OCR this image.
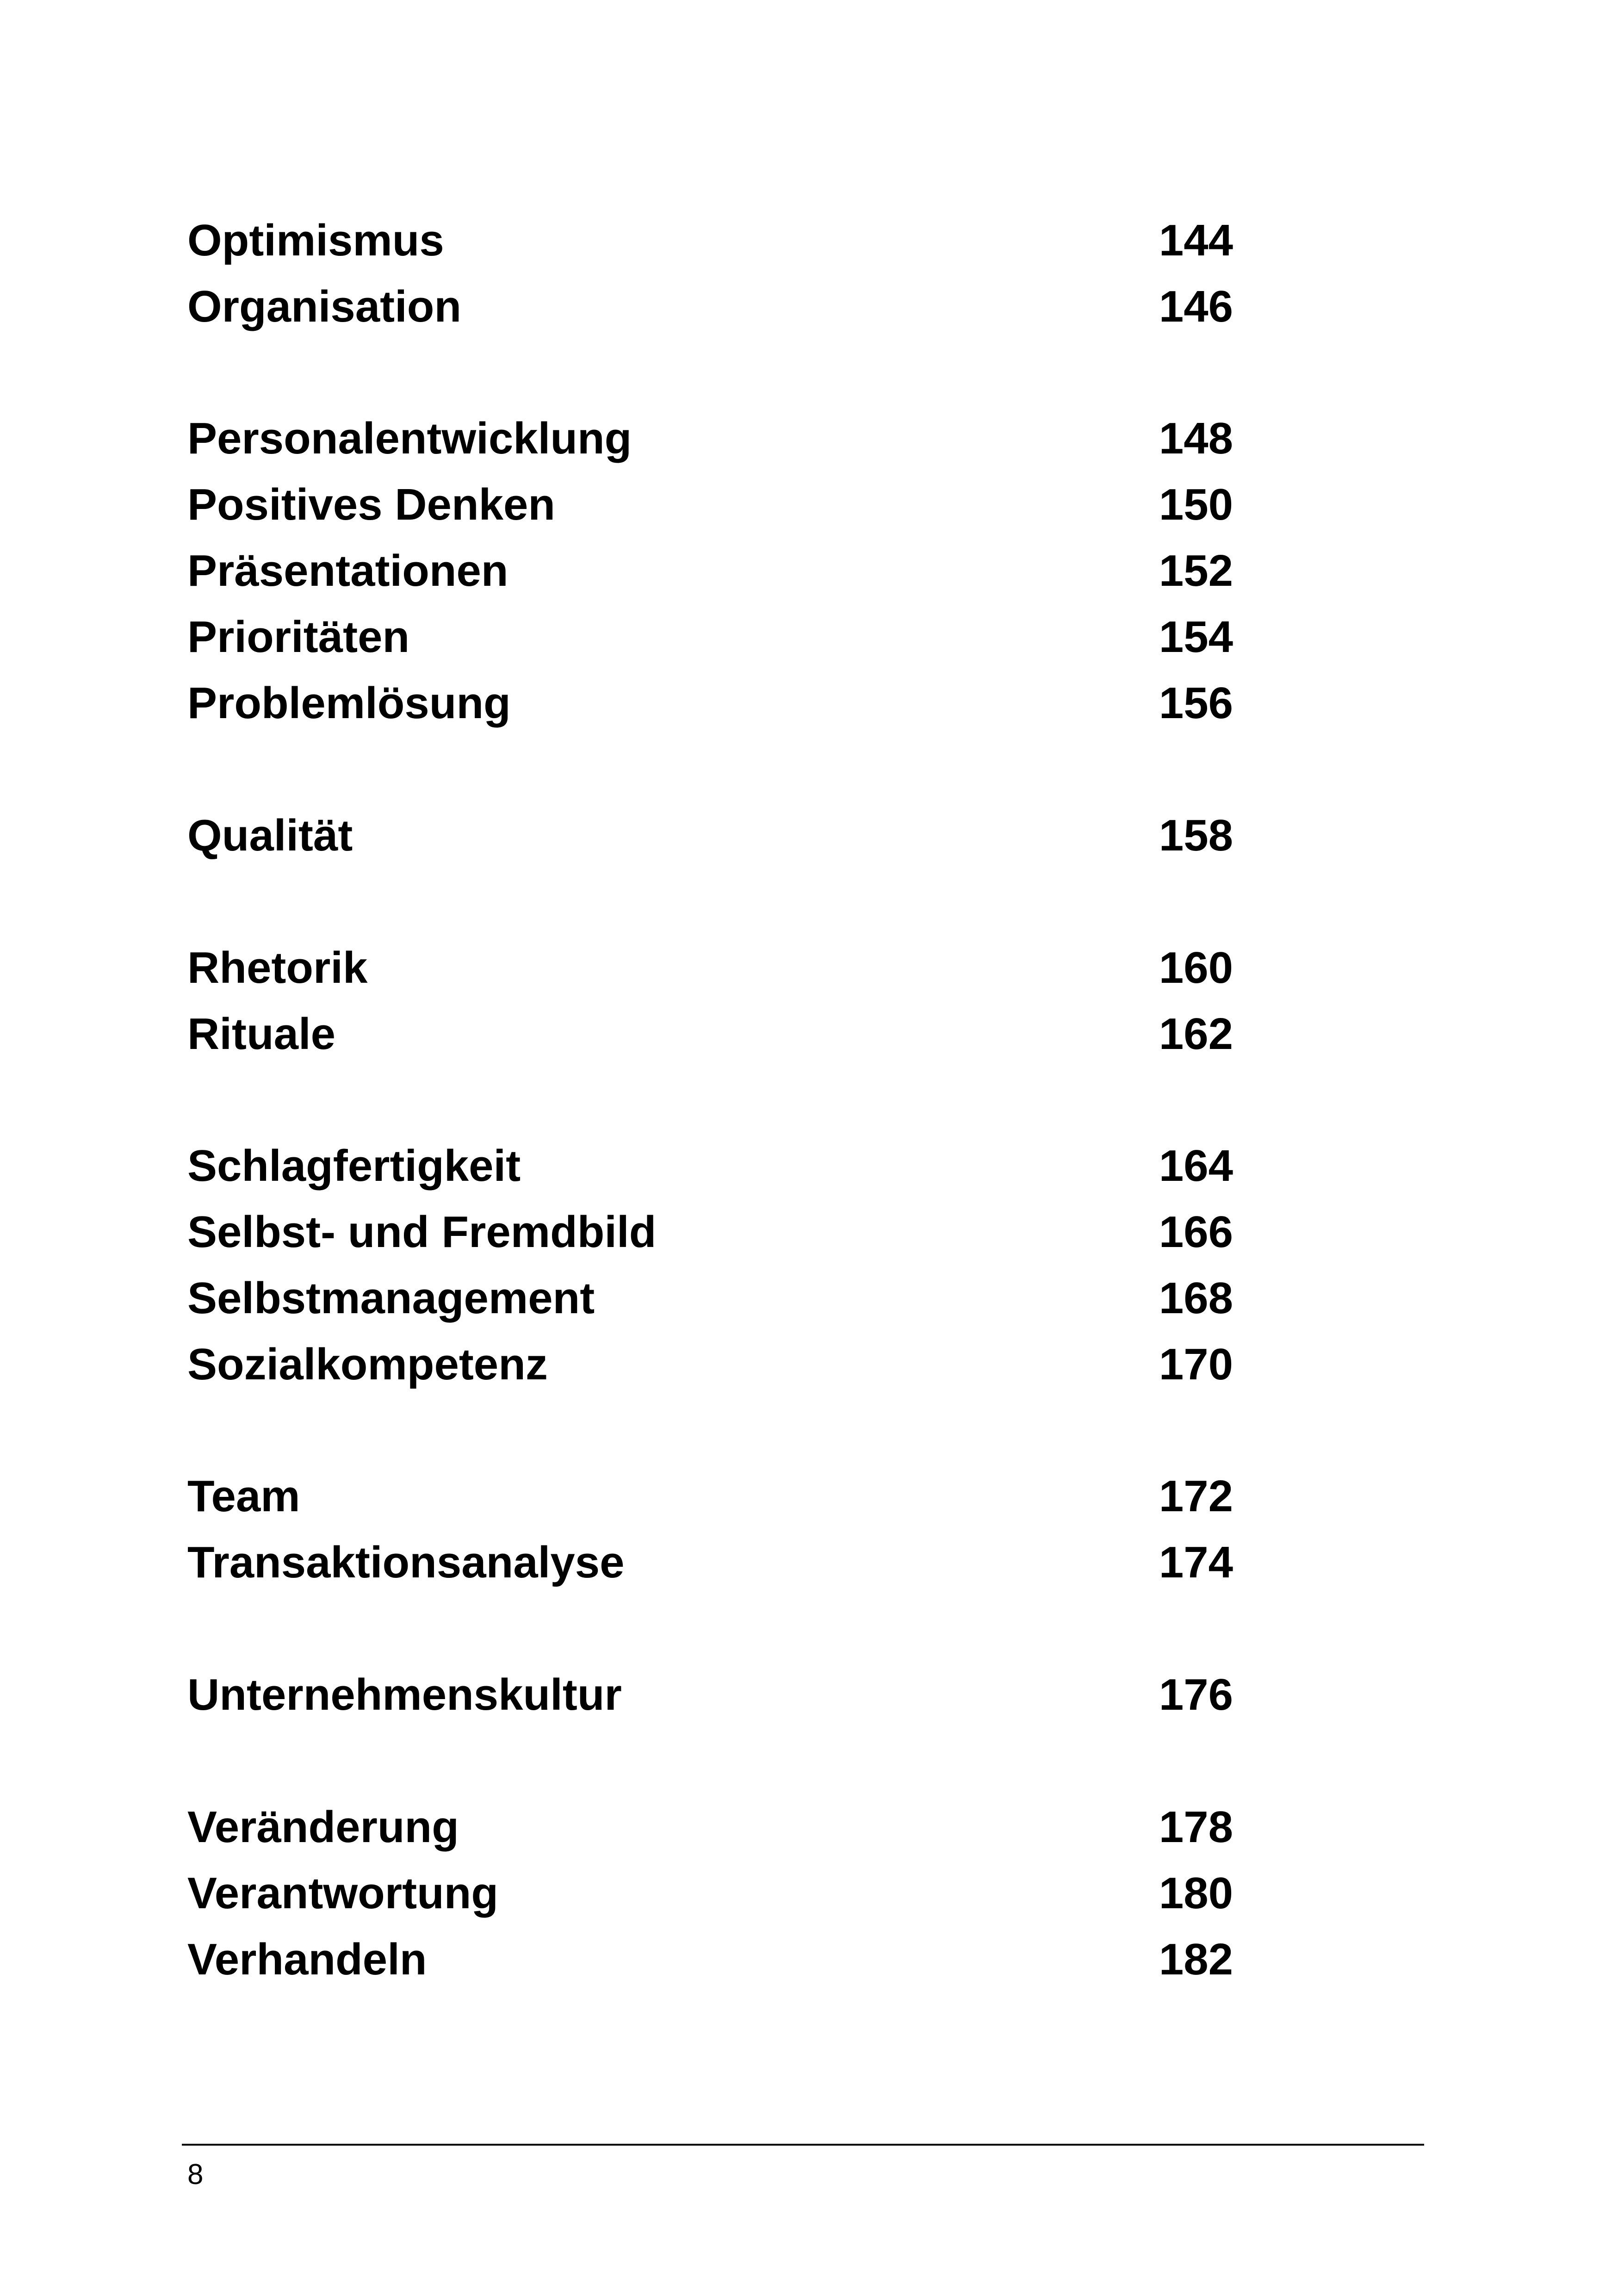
Optimismus	144
Organisation	146
Personalentwicklung	148
Positives Denken	150
Präsentationen	152
Prioritäten	154
Problemlösung	156
Qualität	158
Rhetorik	160
Rituale	162
Schlagfertigkeit	164
Selbst- und Fremdbild	166
Selbstmanagement	168
Sozialkompetenz	170
Team	172
Transaktionsanalyse	174
Unternehmenskultur	176
Veränderung	178
Verantwortung	180
Verhandeln	182
8
